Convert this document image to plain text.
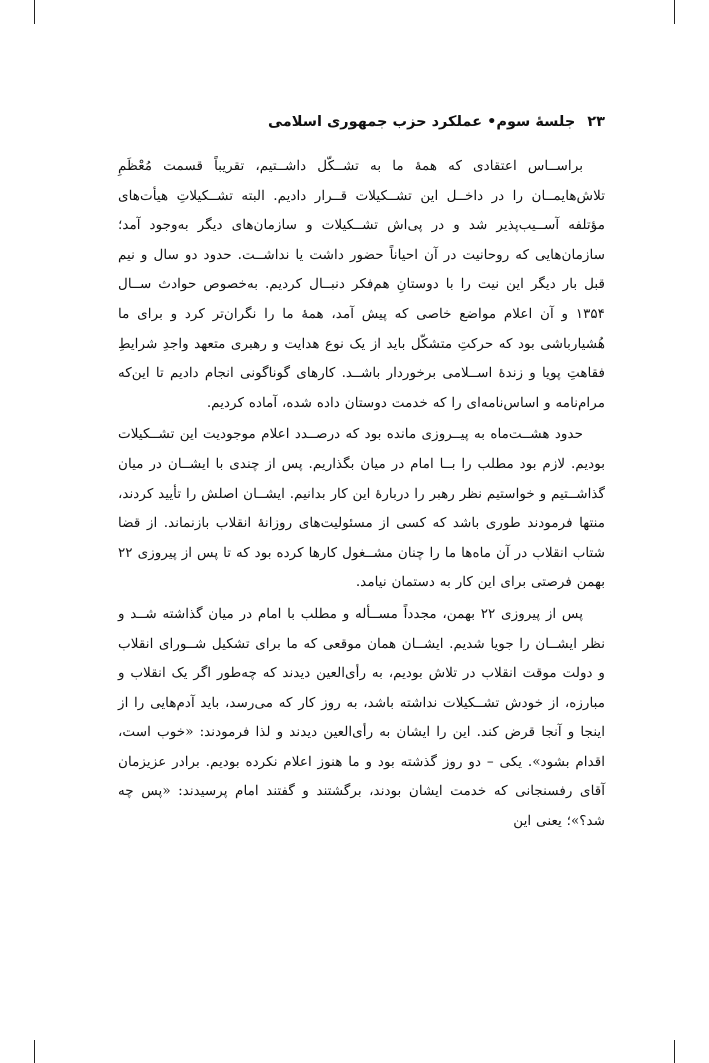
۲۳
جلسهٔ سوم• عملکرد حزب جمهوری اسلامی

براســاس اعتقادی که همهٔ ما به تشــکّل داشــتیم، تقریباً قسمت مُعْظَمِ تلاش‌هایمــان را در داخــل این تشــکیلات قــرار دادیم. البته تشــکیلاتِ هیأت‌های مؤتلفه آســیب‌پذیر شد و در پی‌اش تشــکیلات و سازمان‌های دیگر به‌وجود آمد؛ سازمان‌هایی که روحانیت در آن احیاناً حضور داشت یا نداشــت. حدود دو سال و نیم قبل بار دیگر این نیت را با دوستانِ هم‌فکر دنبــال کردیم. به‌خصوص حوادث ســال ۱۳۵۴ و آن اعلام مواضع خاصی که پیش آمد، همهٔ ما را نگران‌تر کرد و برای ما هُشیارباشی بود که حرکتِ متشکّل باید از یک نوع هدایت و رهبری متعهد واجدِ شرایطِ فقاهتِ پویا و زندهٔ اســلامی برخوردار باشــد. کارهای گوناگونی انجام دادیم تا این‌که مرام‌نامه و اساس‌نامه‌ای را که خدمت دوستان داده شده، آماده کردیم.

حدود هشــت‌ماه به پیــروزی مانده بود که درصــدد اعلام موجودیت این تشــکیلات بودیم. لازم بود مطلب را بــا امام در میان بگذاریم. پس از چندی با ایشــان در میان گذاشــتیم و خواستیم نظر رهبر را دربارهٔ این کار بدانیم. ایشــان اصلش را تأیید کردند، منتها فرمودند طوری باشد که کسی از مسئولیت‌های روزانهٔ انقلاب بازنماند. از قضا شتاب انقلاب در آن ماه‌ها ما را چنان مشــغول کارها کرده بود که تا پس از پیروزی ۲۲ بهمن فرصتی برای این کار به دستمان نیامد.

پس از پیروزی ۲۲ بهمن، مجدداً مســأله و مطلب با امام در میان گذاشته شــد و نظر ایشــان را جویا شدیم. ایشــان همان موقعی که ما برای تشکیل شــورای انقلاب و دولت موقت انقلاب در تلاش بودیم، به رأی‌العین دیدند که چه‌طور اگر یک انقلاب و مبارزه، از خودش تشــکیلات نداشته باشد، به روز کار که می‌رسد، باید آدم‌هایی را از اینجا و آنجا قرض کند. این را ایشان به رأی‌العین دیدند و لذا فرمودند: «خوب است، اقدام بشود». یکی – دو روز گذشته بود و ما هنوز اعلام نکرده بودیم. برادر عزیزمان آقای رفسنجانی که خدمت ایشان بودند، برگشتند و گفتند امام پرسیدند: «پس چه شد؟»؛ یعنی این
